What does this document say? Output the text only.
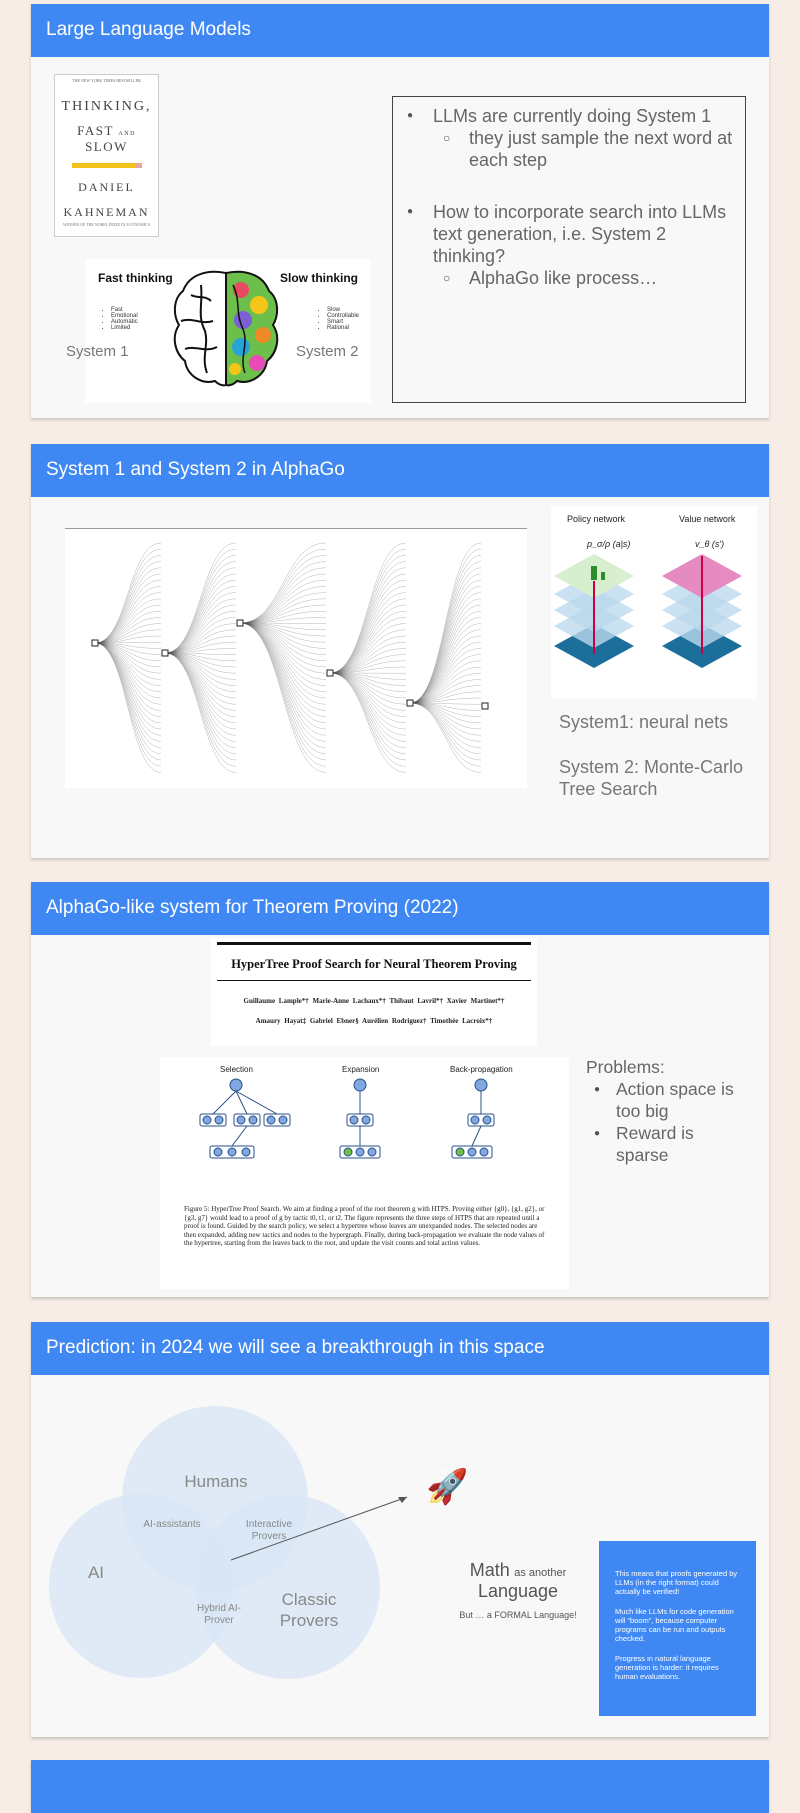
Large Language Models
THE NEW YORK TIMES BESTSELLER
THINKING,
FAST AND SLOW
DANIEL
KAHNEMAN
WINNER OF THE NOBEL PRIZE IN ECONOMICS
Fast thinking	Slow thinking
• Fast
• Emotional
• Automatic
• Limited
• Slow
• Controllable
• Smart
• Rational
System 1	System 2
● LLMs are currently doing System 1
○ they just sample the next word at each step
● How to incorporate search into LLMs text generation, i.e. System 2 thinking?
○ AlphaGo like process…
System 1 and System 2 in AlphaGo
Policy network	Value network
p_σ/ρ (a|s)	v_θ (s′)
System1: neural nets
System 2: Monte-Carlo Tree Search
AlphaGo-like system for Theorem Proving (2022)
HyperTree Proof Search for Neural Theorem Proving
Guillaume Lample*† Marie-Anne Lachaux*† Thibaut Lavril*† Xavier Martinet*†
Amaury Hayat‡ Gabriel Ebner§ Aurélien Rodriguez† Timothée Lacroix*†
Selection	Expansion	Back-propagation
Figure 5: HyperTree Proof Search. We aim at finding a proof of the root theorem g with HTPS. Proving either {g0}, {g1, g2}, or {g3, g7} would lead to a proof of g by tactic t0, t1, or t2. The figure represents the three steps of HTPS that are repeated until a proof is found. Guided by the search policy, we select a hypertree whose leaves are unexpanded nodes. The selected nodes are then expanded, adding new tactics and nodes to the hypergraph. Finally, during back-propagation we evaluate the node values of the hypertree, starting from the leaves back to the root, and update the visit counts and total action values.
Problems:
● Action space is too big
● Reward is sparse
Prediction: in 2024 we will see a breakthrough in this space
Humans
AI
Classic Provers
AI-assistants	Interactive Provers
Hybrid AI-Prover
🚀
Math as another
Language
But … a FORMAL Language!

This means that proofs generated by LLMs (in the right format) could actually be verified!

Much like LLMs for code generation will “boom”, because computer programs can be run and outputs checked.

Progress in natural language generation is harder: it requires human evaluations.
